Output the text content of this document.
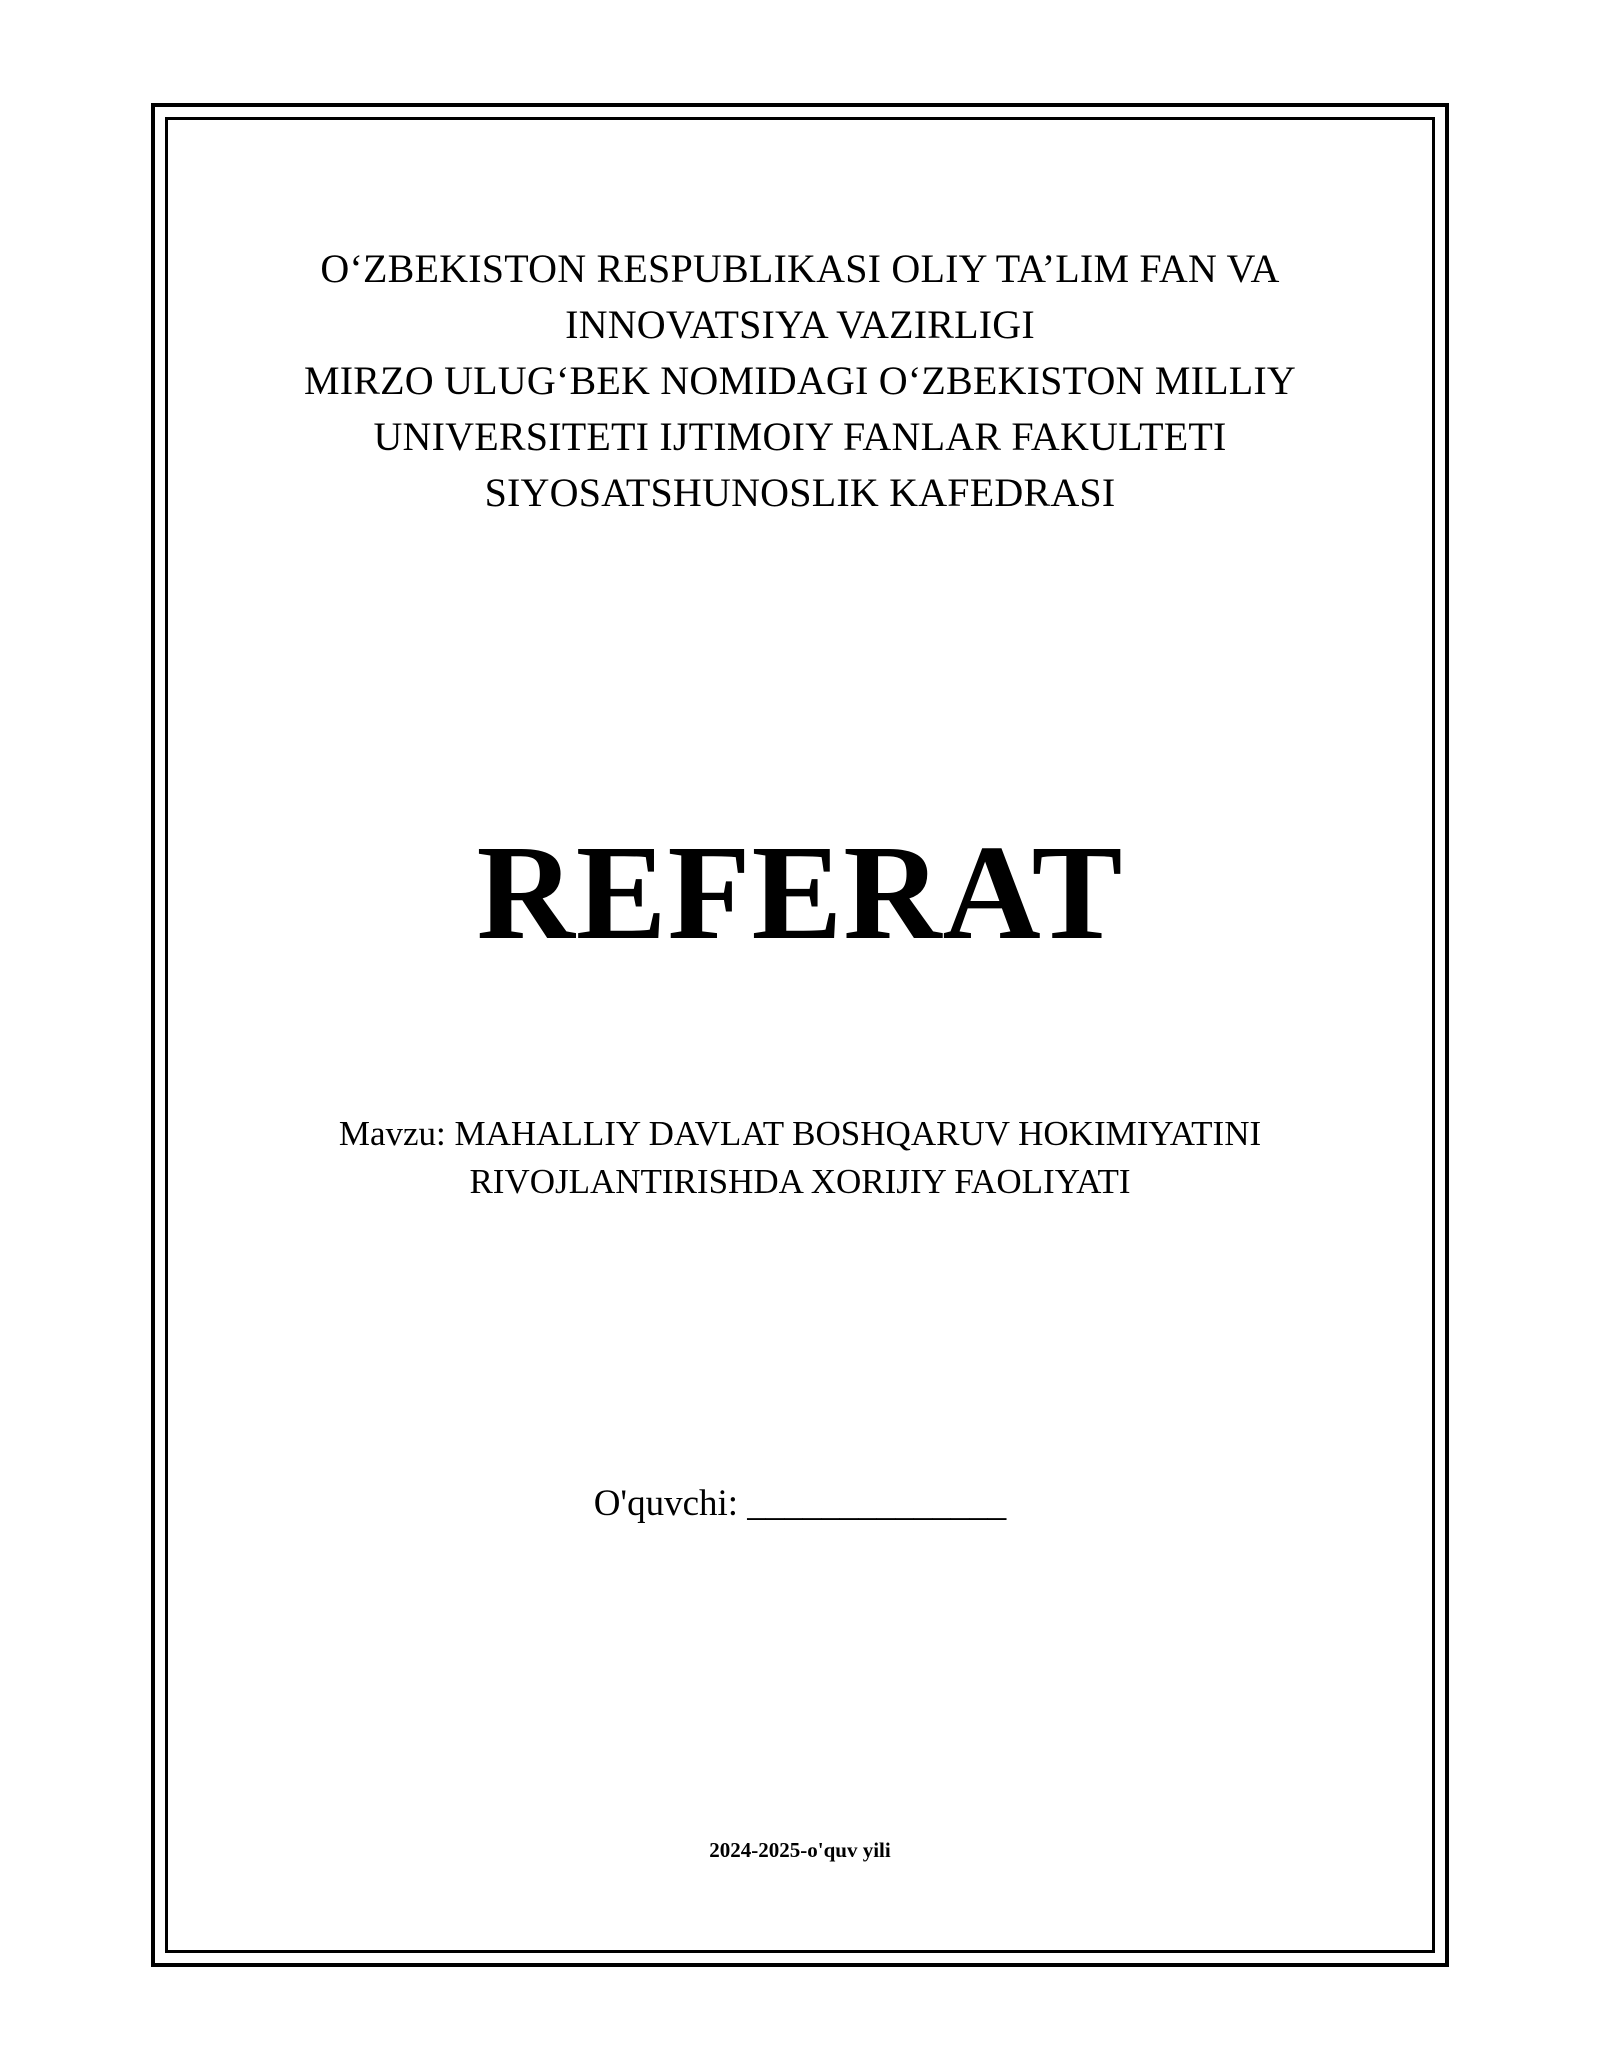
O‘ZBEKISTON RESPUBLIKASI OLIY TA’LIM FAN VA
INNOVATSIYA VAZIRLIGI
MIRZO ULUG‘BEK NOMIDAGI O‘ZBEKISTON MILLIY
UNIVERSITETI IJTIMOIY FANLAR FAKULTETI
SIYOSATSHUNOSLIK KAFEDRASI
REFERAT
Mavzu: MAHALLIY DAVLAT BOSHQARUV HOKIMIYATINI
RIVOJLANTIRISHDA XORIJIY FAOLIYATI
O'quvchi: ______________
2024-2025-o'quv yili
